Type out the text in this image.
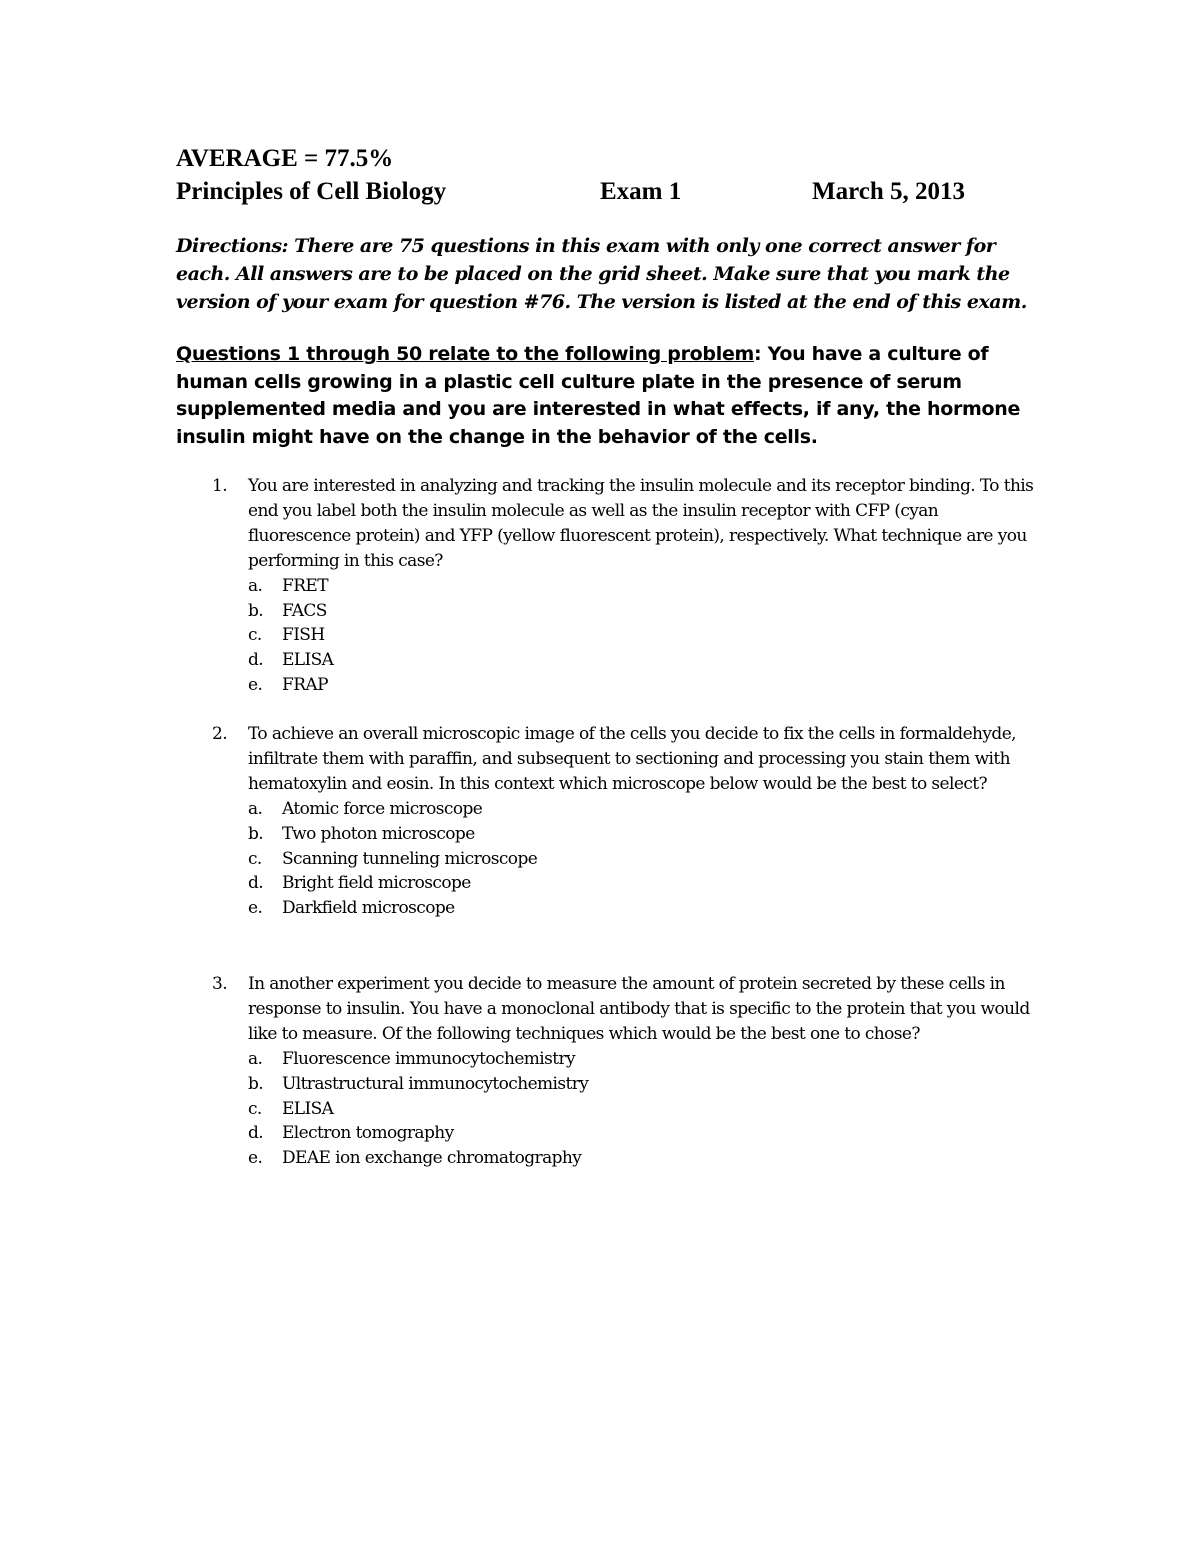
AVERAGE = 77.5%
Principles of Cell Biology	Exam 1	March 5, 2013
Directions: There are 75 questions in this exam with only one correct answer for each. All answers are to be placed on the grid sheet. Make sure that you mark the version of your exam for question #76. The version is listed at the end of this exam.
Questions 1 through 50 relate to the following problem: You have a culture of human cells growing in a plastic cell culture plate in the presence of serum supplemented media and you are interested in what effects, if any, the hormone insulin might have on the change in the behavior of the cells.
1. You are interested in analyzing and tracking the insulin molecule and its receptor binding. To this end you label both the insulin molecule as well as the insulin receptor with CFP (cyan fluorescence protein) and YFP (yellow fluorescent protein), respectively. What technique are you performing in this case?

a. FRET
b. FACS
c. FISH
d. ELISA
e. FRAP
2. To achieve an overall microscopic image of the cells you decide to fix the cells in formaldehyde, infiltrate them with paraffin, and subsequent to sectioning and processing you stain them with hematoxylin and eosin. In this context which microscope below would be the best to select?

a. Atomic force microscope
b. Two photon microscope
c. Scanning tunneling microscope
d. Bright field microscope
e. Darkfield microscope
3. In another experiment you decide to measure the amount of protein secreted by these cells in response to insulin. You have a monoclonal antibody that is specific to the protein that you would like to measure. Of the following techniques which would be the best one to chose?

a. Fluorescence immunocytochemistry
b. Ultrastructural immunocytochemistry
c. ELISA
d. Electron tomography
e. DEAE ion exchange chromatography
